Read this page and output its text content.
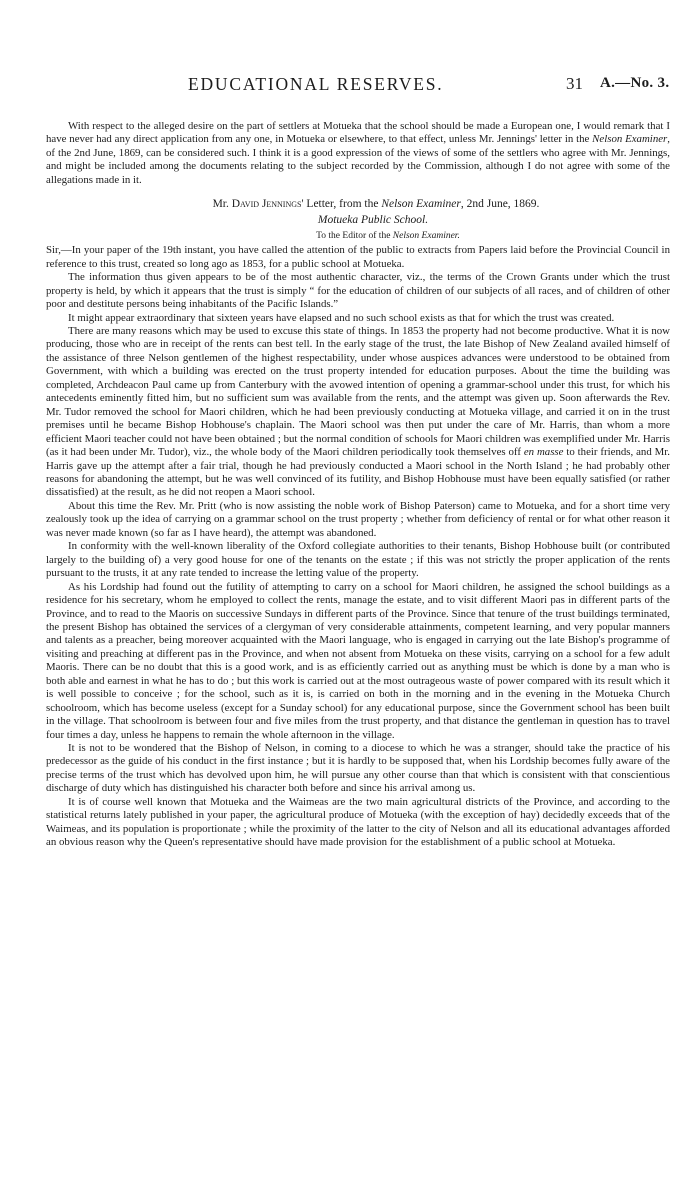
EDUCATIONAL RESERVES.	31 A.—No. 3.

With respect to the alleged desire on the part of settlers at Motueka that the school should be made a European one, I would remark that I have never had any direct application from any one, in Motueka or elsewhere, to that effect, unless Mr. Jennings' letter in the Nelson Examiner, of the 2nd June, 1869, can be considered such. I think it is a good expression of the views of some of the settlers who agree with Mr. Jennings, and might be included among the documents relating to the subject recorded by the Commission, although I do not agree with some of the allegations made in it.

Mr. David Jennings' Letter, from the Nelson Examiner, 2nd June, 1869.

Motueka Public School.

To the Editor of the Nelson Examiner.

Sir,—In your paper of the 19th instant, you have called the attention of the public to extracts from Papers laid before the Provincial Council in reference to this trust, created so long ago as 1853, for a public school at Motueka.

The information thus given appears to be of the most authentic character, viz., the terms of the Crown Grants under which the trust property is held, by which it appears that the trust is simply “ for the education of children of our subjects of all races, and of children of other poor and destitute persons being inhabitants of the Pacific Islands.”

It might appear extraordinary that sixteen years have elapsed and no such school exists as that for which the trust was created.

There are many reasons which may be used to excuse this state of things. In 1853 the property had not become productive. What it is now producing, those who are in receipt of the rents can best tell. In the early stage of the trust, the late Bishop of New Zealand availed himself of the assistance of three Nelson gentlemen of the highest respectability, under whose auspices advances were understood to be obtained from Government, with which a building was erected on the trust property intended for education purposes. About the time the building was completed, Archdeacon Paul came up from Canterbury with the avowed intention of opening a grammar-school under this trust, for which his antecedents eminently fitted him, but no sufficient sum was available from the rents, and the attempt was given up. Soon afterwards the Rev. Mr. Tudor removed the school for Maori children, which he had been previously conducting at Motueka village, and carried it on in the trust premises until he became Bishop Hobhouse's chaplain. The Maori school was then put under the care of Mr. Harris, than whom a more efficient Maori teacher could not have been obtained ; but the normal condition of schools for Maori children was exemplified under Mr. Harris (as it had been under Mr. Tudor), viz., the whole body of the Maori children periodically took themselves off en masse to their friends, and Mr. Harris gave up the attempt after a fair trial, though he had previously conducted a Maori school in the North Island ; he had probably other reasons for abandoning the attempt, but he was well convinced of its futility, and Bishop Hobhouse must have been equally satisfied (or rather dissatisfied) at the result, as he did not reopen a Maori school.

About this time the Rev. Mr. Pritt (who is now assisting the noble work of Bishop Paterson) came to Motueka, and for a short time very zealously took up the idea of carrying on a grammar school on the trust property ; whether from deficiency of rental or for what other reason it was never made known (so far as I have heard), the attempt was abandoned.

In conformity with the well-known liberality of the Oxford collegiate authorities to their tenants, Bishop Hobhouse built (or contributed largely to the building of) a very good house for one of the tenants on the estate ; if this was not strictly the proper application of the rents pursuant to the trusts, it at any rate tended to increase the letting value of the property.

As his Lordship had found out the futility of attempting to carry on a school for Maori children, he assigned the school buildings as a residence for his secretary, whom he employed to collect the rents, manage the estate, and to visit different Maori pas in different parts of the Province, and to read to the Maoris on successive Sundays in different parts of the Province. Since that tenure of the trust buildings terminated, the present Bishop has obtained the services of a clergyman of very considerable attainments, competent learning, and very popular manners and talents as a preacher, being moreover acquainted with the Maori language, who is engaged in carrying out the late Bishop's programme of visiting and preaching at different pas in the Province, and when not absent from Motueka on these visits, carrying on a school for a few adult Maoris. There can be no doubt that this is a good work, and is as efficiently carried out as anything must be which is done by a man who is both able and earnest in what he has to do ; but this work is carried out at the most outrageous waste of power compared with its result which it is well possible to conceive ; for the school, such as it is, is carried on both in the morning and in the evening in the Motueka Church schoolroom, which has become useless (except for a Sunday school) for any educational purpose, since the Government school has been built in the village. That schoolroom is between four and five miles from the trust property, and that distance the gentleman in question has to travel four times a day, unless he happens to remain the whole afternoon in the village.

It is not to be wondered that the Bishop of Nelson, in coming to a diocese to which he was a stranger, should take the practice of his predecessor as the guide of his conduct in the first instance ; but it is hardly to be supposed that, when his Lordship becomes fully aware of the precise terms of the trust which has devolved upon him, he will pursue any other course than that which is consistent with that conscientious discharge of duty which has distinguished his character both before and since his arrival among us.

It is of course well known that Motueka and the Waimeas are the two main agricultural districts of the Province, and according to the statistical returns lately published in your paper, the agricultural produce of Motueka (with the exception of hay) decidedly exceeds that of the Waimeas, and its population is proportionate ; while the proximity of the latter to the city of Nelson and all its educational advantages afforded an obvious reason why the Queen's representative should have made provision for the establishment of a public school at Motueka.
